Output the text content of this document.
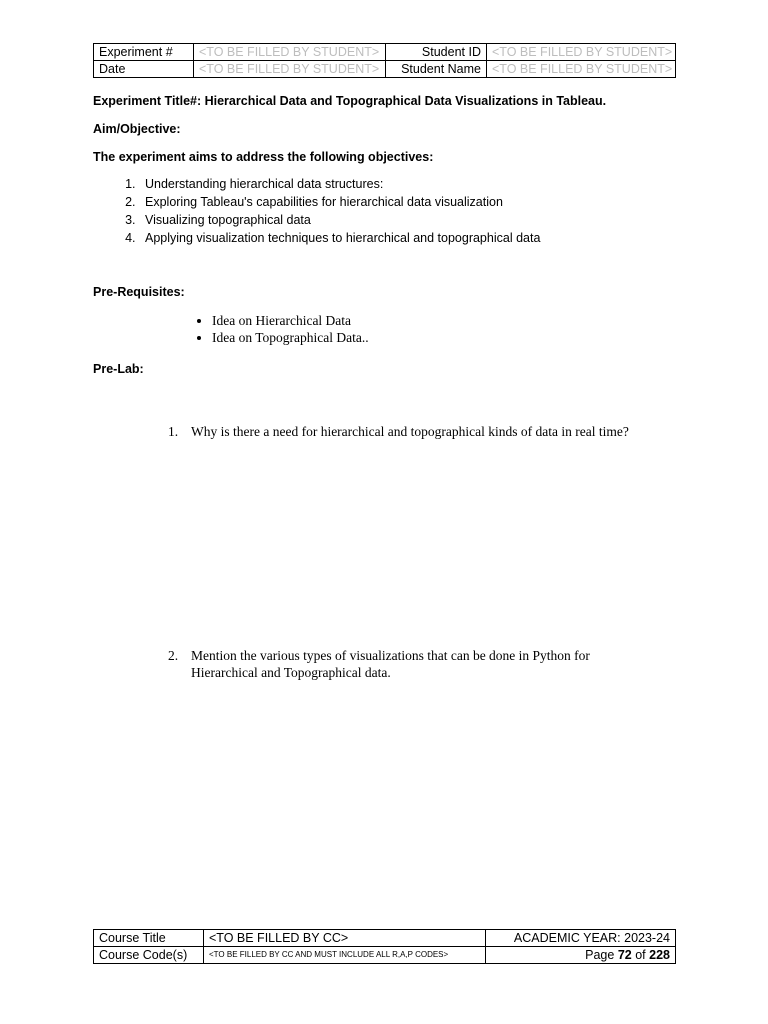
Experiment #	<TO BE FILLED BY STUDENT>	Student ID	<TO BE FILLED BY STUDENT>
Date	<TO BE FILLED BY STUDENT>	Student Name	<TO BE FILLED BY STUDENT>
Experiment Title#: Hierarchical Data and Topographical Data Visualizations in Tableau.
Aim/Objective:
The experiment aims to address the following objectives:
1. Understanding hierarchical data structures:
2. Exploring Tableau's capabilities for hierarchical data visualization
3. Visualizing topographical data
4. Applying visualization techniques to hierarchical and topographical data
Pre-Requisites:
• Idea on Hierarchical Data
• Idea on Topographical Data..
Pre-Lab:
1. Why is there a need for hierarchical and topographical kinds of data in real time?
2. Mention the various types of visualizations that can be done in Python for Hierarchical and Topographical data.
Course Title	<TO BE FILLED BY CC>	ACADEMIC YEAR: 2023-24
Course Code(s)	<TO BE FILLED BY CC AND MUST INCLUDE ALL R,A,P CODES>	Page 72 of 228
